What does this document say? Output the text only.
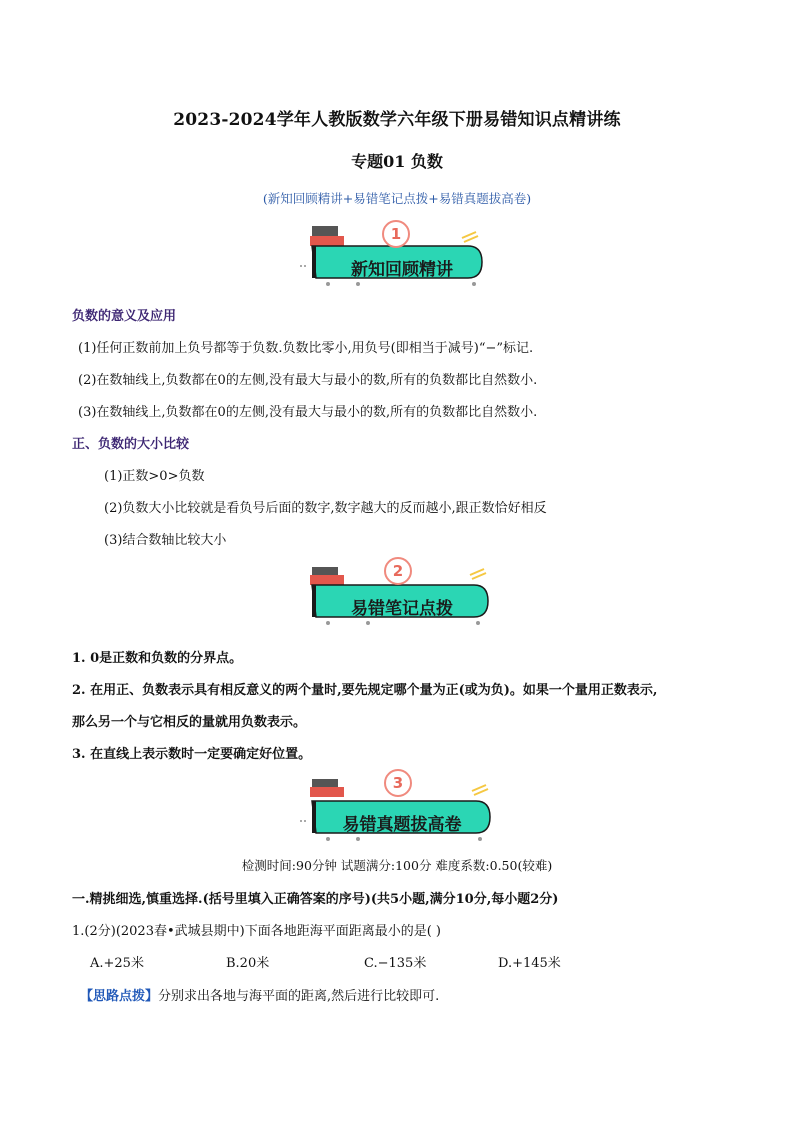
2023-2024学年人教版数学六年级下册易错知识点精讲练
专题01 负数
(新知回顾精讲+易错笔记点拨+易错真题拔高卷)
1
新知回顾精讲
负数的意义及应用
(1)任何正数前加上负号都等于负数.负数比零小,用负号(即相当于减号)“−”标记.
(2)在数轴线上,负数都在0的左侧,没有最大与最小的数,所有的负数都比自然数小.
(3)在数轴线上,负数都在0的左侧,没有最大与最小的数,所有的负数都比自然数小.
正、负数的大小比较
(1)正数>0>负数
(2)负数大小比较就是看负号后面的数字,数字越大的反而越小,跟正数恰好相反
(3)结合数轴比较大小
2
易错笔记点拨
1. 0是正数和负数的分界点。
2. 在用正、负数表示具有相反意义的两个量时,要先规定哪个量为正(或为负)。如果一个量用正数表示,
那么另一个与它相反的量就用负数表示。
3. 在直线上表示数时一定要确定好位置。
3
易错真题拔高卷
检测时间:90分钟 试题满分:100分 难度系数:0.50(较难)
一.精挑细选,慎重选择.(括号里填入正确答案的序号)(共5小题,满分10分,每小题2分)
1.(2分)(2023春•武城县期中)下面各地距海平面距离最小的是( )
A.+25米	B.20米	C.−135米	D.+145米
【思路点拨】分别求出各地与海平面的距离,然后进行比较即可.
